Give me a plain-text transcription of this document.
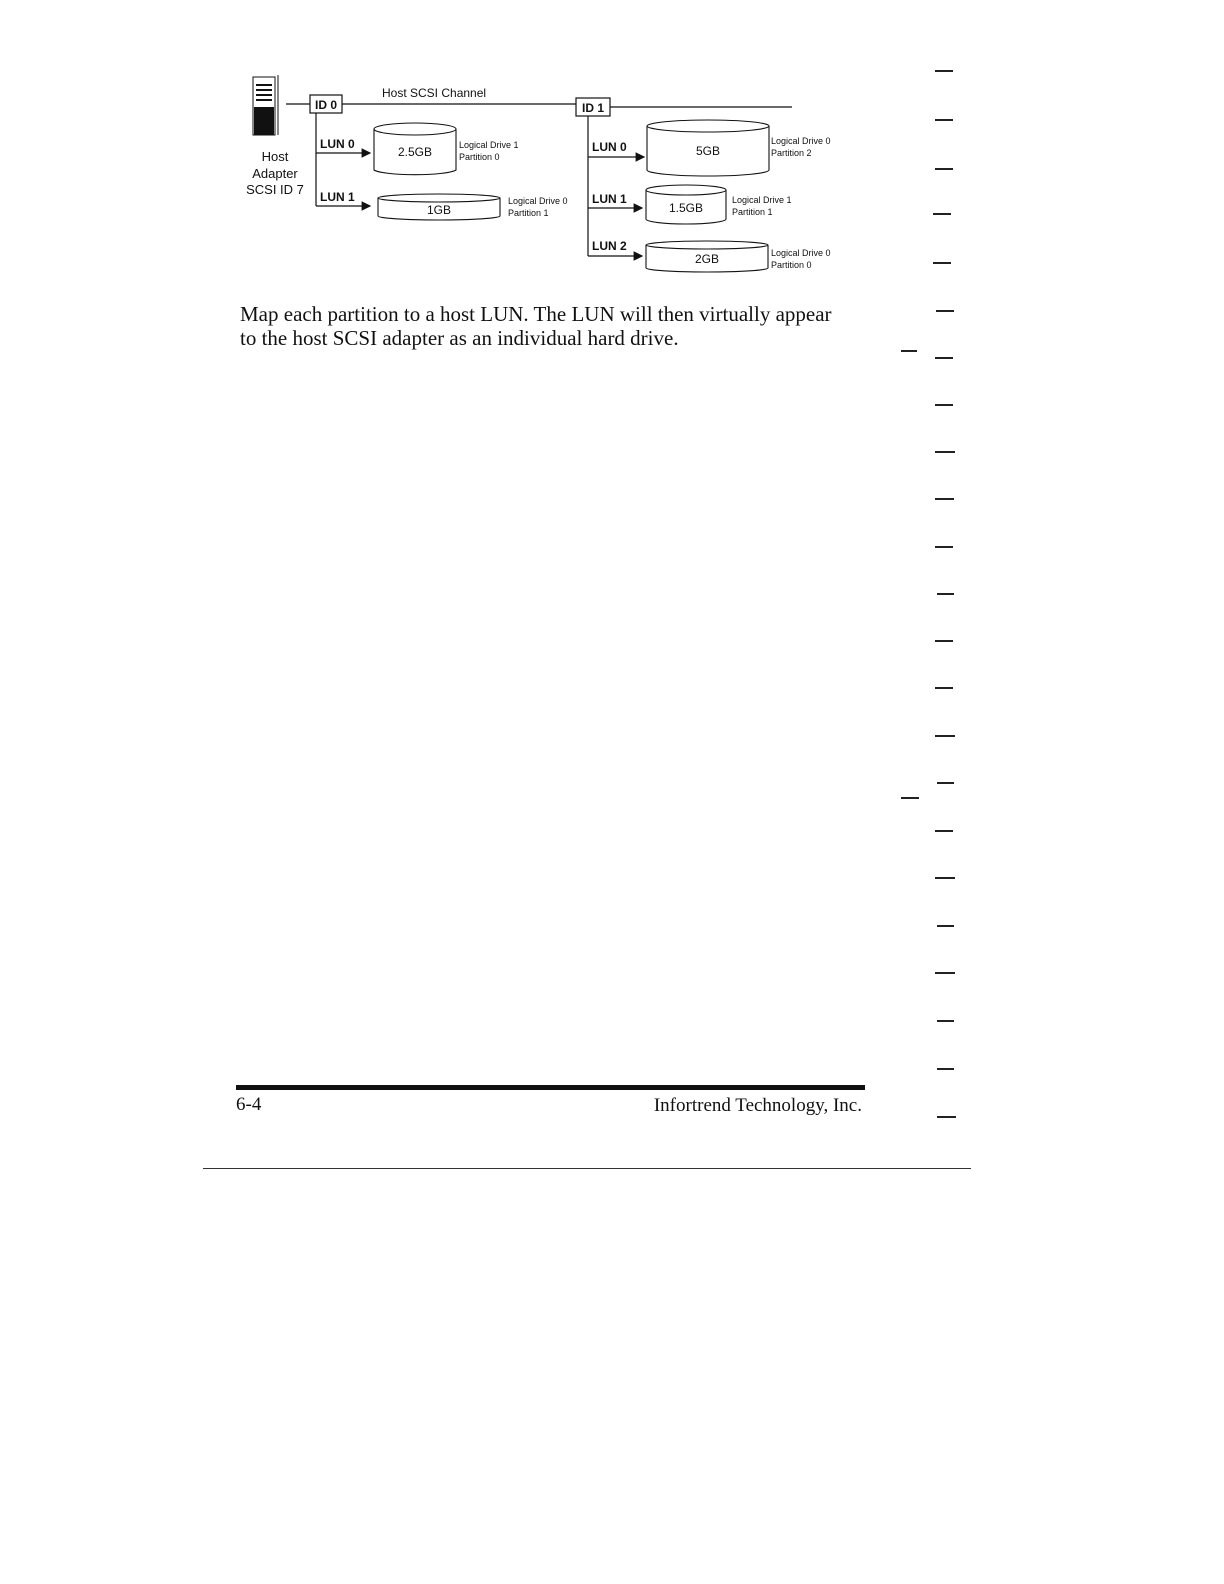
Host SCSI Channel
Host
Adapter
SCSI ID 7
ID 0
LUN 0
2.5GB	Logical Drive 1
Partition 0
LUN 1
1GB
Logical Drive 0
Partition 1
ID 1
LUN 0	5GB
Logical Drive 0
Partition 2
LUN 1
1.5GB
Logical Drive 1
Partition 1
LUN 2
2GB	Logical Drive 0
Partition 0
Map each partition to a host LUN. The LUN will then virtually appear
to the host SCSI adapter as an individual hard drive.
6-4	Infortrend Technology, Inc.
